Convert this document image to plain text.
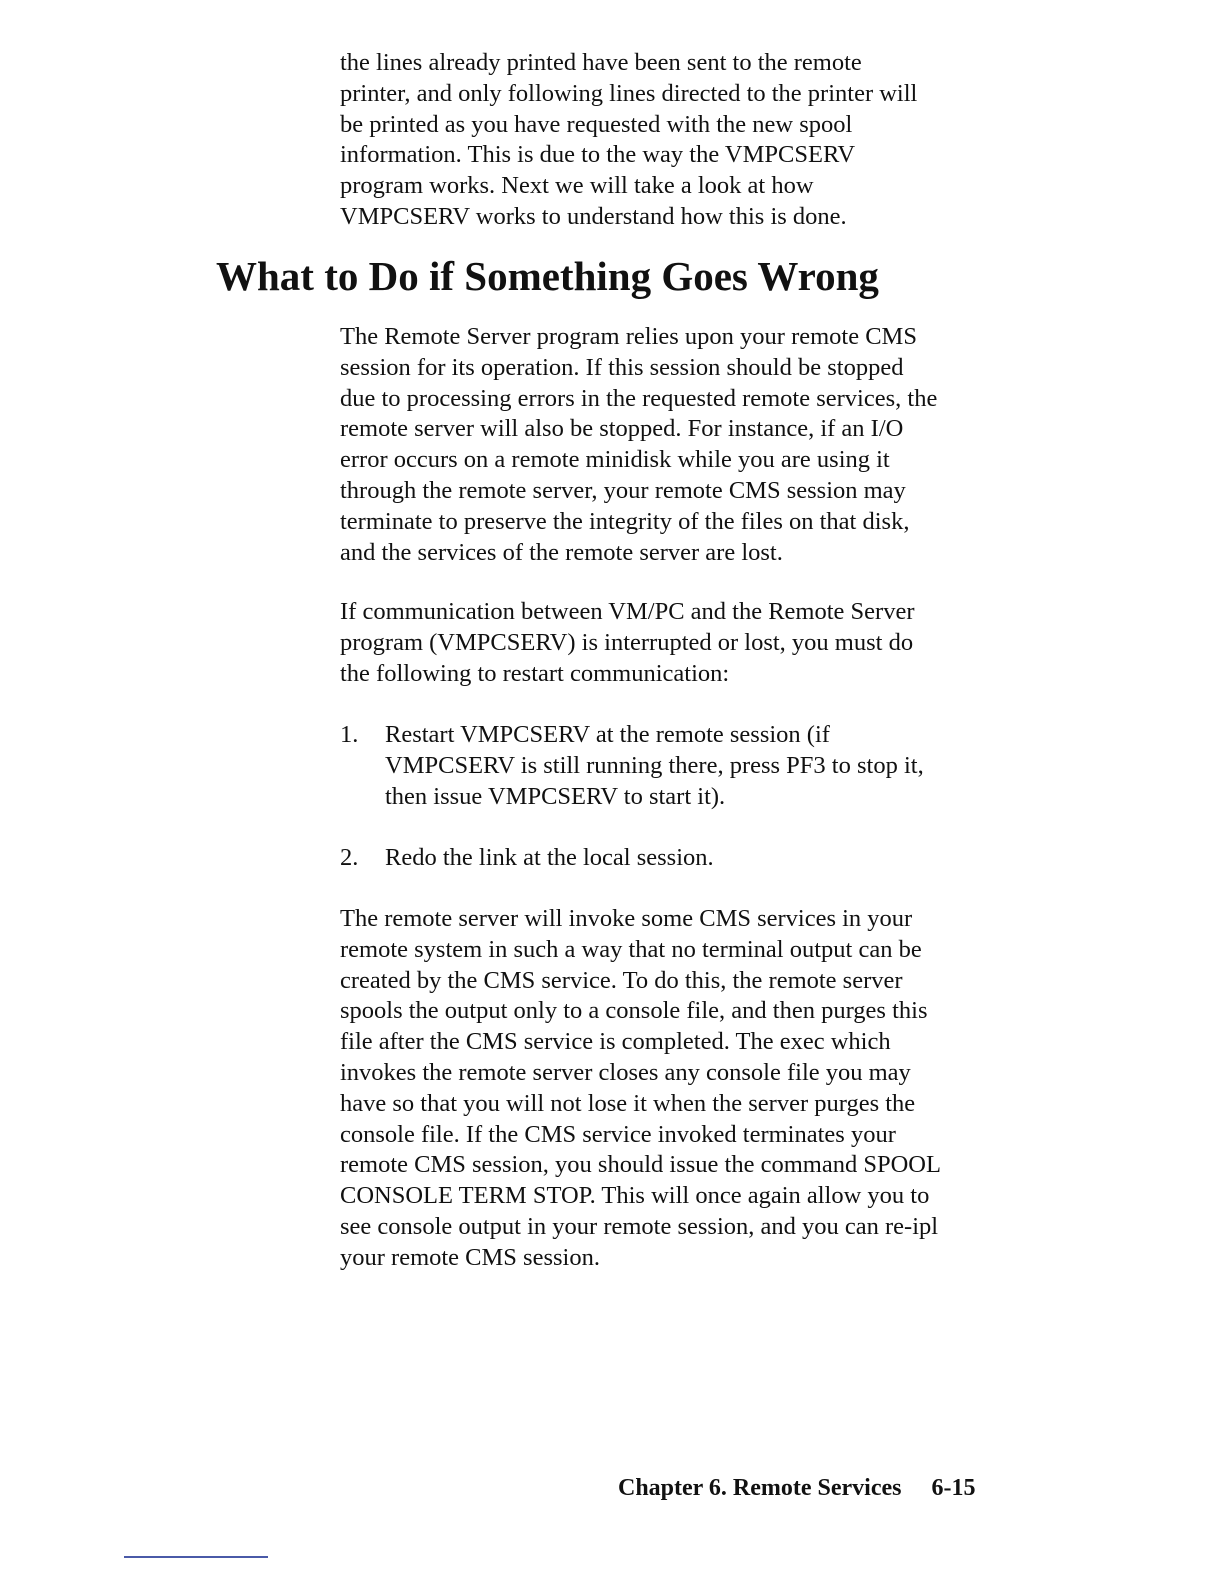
the lines already printed have been sent to the remote
printer, and only following lines directed to the printer will
be printed as you have requested with the new spool
information. This is due to the way the VMPCSERV
program works. Next we will take a look at how
VMPCSERV works to understand how this is done.
What to Do if Something Goes Wrong
The Remote Server program relies upon your remote CMS
session for its operation. If this session should be stopped
due to processing errors in the requested remote services, the
remote server will also be stopped. For instance, if an I/O
error occurs on a remote minidisk while you are using it
through the remote server, your remote CMS session may
terminate to preserve the integrity of the files on that disk,
and the services of the remote server are lost.
If communication between VM/PC and the Remote Server
program (VMPCSERV) is interrupted or lost, you must do
the following to restart communication:
1. Restart VMPCSERV at the remote session (if
VMPCSERV is still running there, press PF3 to stop it,
then issue VMPCSERV to start it).
2. Redo the link at the local session.
The remote server will invoke some CMS services in your
remote system in such a way that no terminal output can be
created by the CMS service. To do this, the remote server
spools the output only to a console file, and then purges this
file after the CMS service is completed. The exec which
invokes the remote server closes any console file you may
have so that you will not lose it when the server purges the
console file. If the CMS service invoked terminates your
remote CMS session, you should issue the command SPOOL
CONSOLE TERM STOP. This will once again allow you to
see console output in your remote session, and you can re-ipl
your remote CMS session.
Chapter 6. Remote Services 6-15
